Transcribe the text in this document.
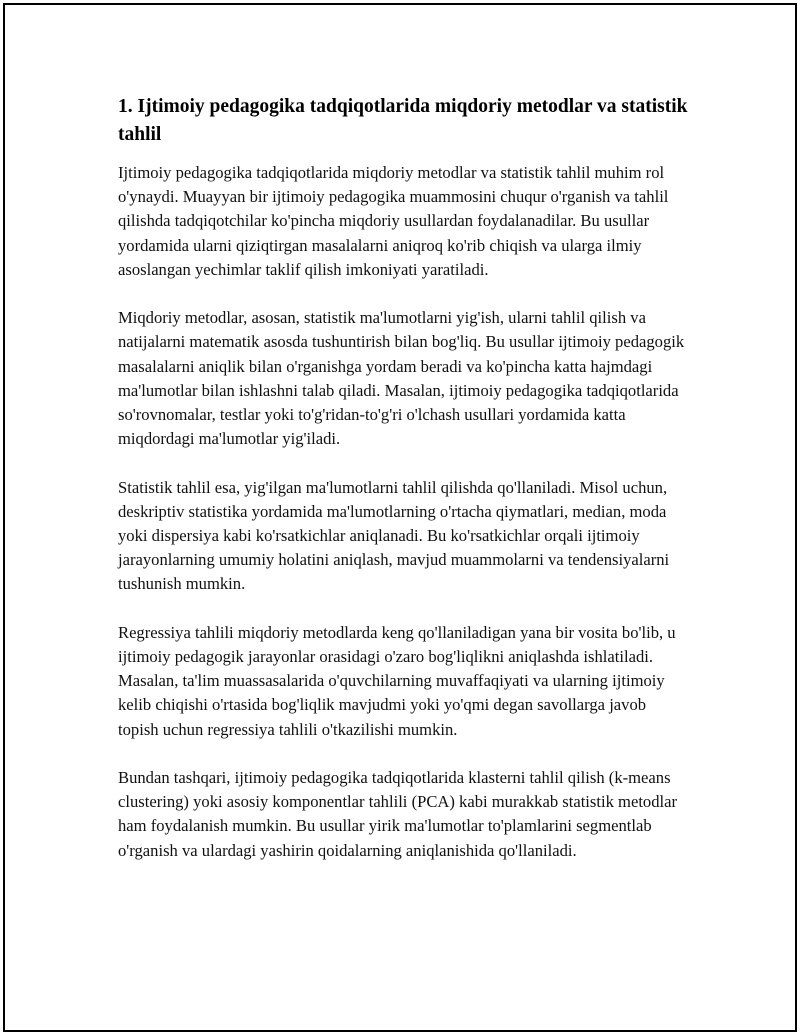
1. Ijtimoiy pedagogika tadqiqotlarida miqdoriy metodlar va statistik tahlil

Ijtimoiy pedagogika tadqiqotlarida miqdoriy metodlar va statistik tahlil muhim rol o'ynaydi. Muayyan bir ijtimoiy pedagogika muammosini chuqur o'rganish va tahlil qilishda tadqiqotchilar ko'pincha miqdoriy usullardan foydalanadilar. Bu usullar yordamida ularni qiziqtirgan masalalarni aniqroq ko'rib chiqish va ularga ilmiy asoslangan yechimlar taklif qilish imkoniyati yaratiladi.

Miqdoriy metodlar, asosan, statistik ma'lumotlarni yig'ish, ularni tahlil qilish va natijalarni matematik asosda tushuntirish bilan bog'liq. Bu usullar ijtimoiy pedagogik masalalarni aniqlik bilan o'rganishga yordam beradi va ko'pincha katta hajmdagi ma'lumotlar bilan ishlashni talab qiladi. Masalan, ijtimoiy pedagogika tadqiqotlarida so'rovnomalar, testlar yoki to'g'ridan-to'g'ri o'lchash usullari yordamida katta miqdordagi ma'lumotlar yig'iladi.

Statistik tahlil esa, yig'ilgan ma'lumotlarni tahlil qilishda qo'llaniladi. Misol uchun, deskriptiv statistika yordamida ma'lumotlarning o'rtacha qiymatlari, median, moda yoki dispersiya kabi ko'rsatkichlar aniqlanadi. Bu ko'rsatkichlar orqali ijtimoiy jarayonlarning umumiy holatini aniqlash, mavjud muammolarni va tendensiyalarni tushunish mumkin.

Regressiya tahlili miqdoriy metodlarda keng qo'llaniladigan yana bir vosita bo'lib, u ijtimoiy pedagogik jarayonlar orasidagi o'zaro bog'liqlikni aniqlashda ishlatiladi. Masalan, ta'lim muassasalarida o'quvchilarning muvaffaqiyati va ularning ijtimoiy kelib chiqishi o'rtasida bog'liqlik mavjudmi yoki yo'qmi degan savollarga javob topish uchun regressiya tahlili o'tkazilishi mumkin.

Bundan tashqari, ijtimoiy pedagogika tadqiqotlarida klasterni tahlil qilish (k-means clustering) yoki asosiy komponentlar tahlili (PCA) kabi murakkab statistik metodlar ham foydalanish mumkin. Bu usullar yirik ma'lumotlar to'plamlarini segmentlab o'rganish va ulardagi yashirin qoidalarning aniqlanishida qo'llaniladi.
